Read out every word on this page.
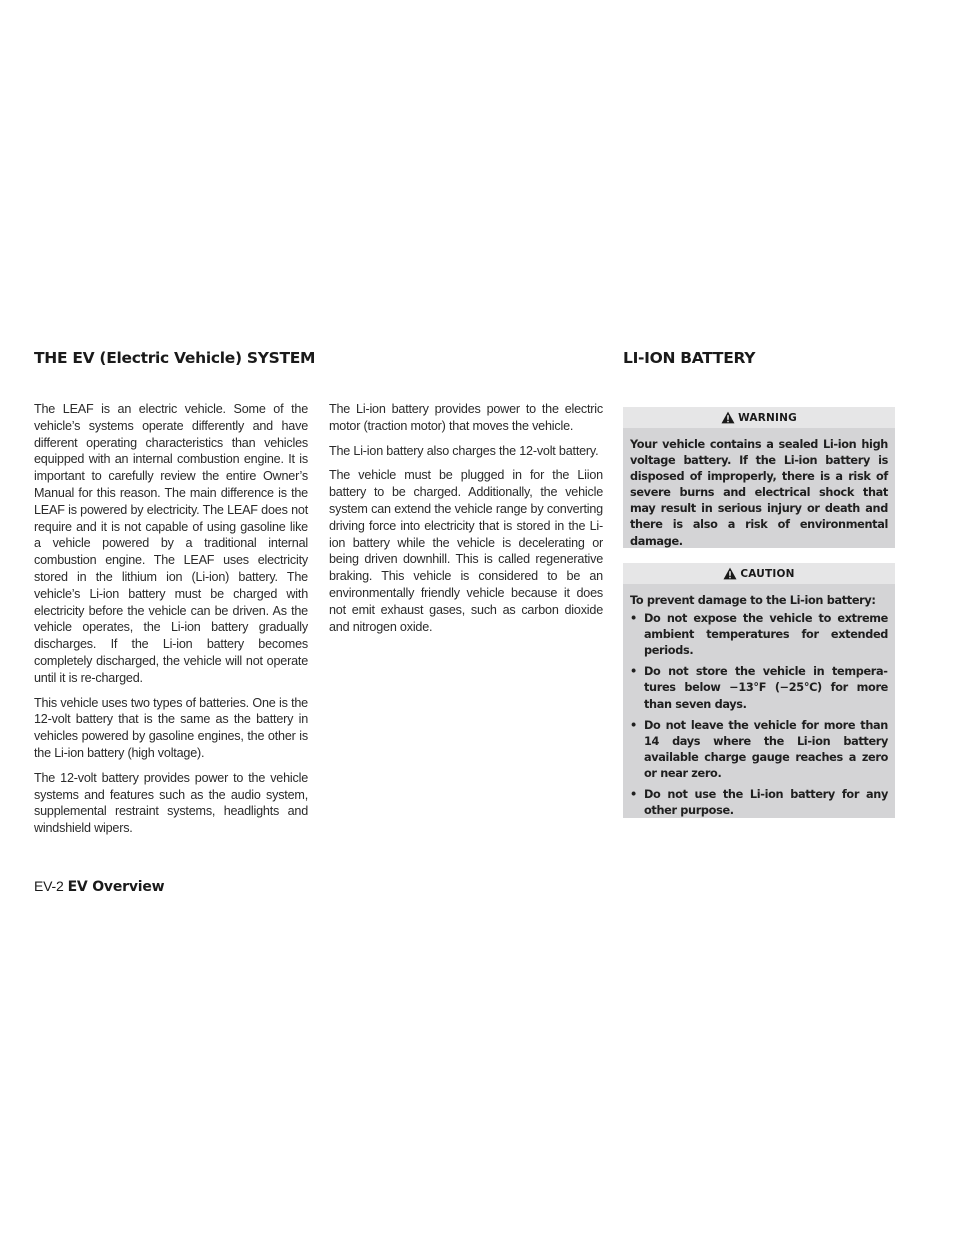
THE EV (Electric Vehicle) SYSTEM	LI-ION BATTERY

The LEAF is an electric vehicle. Some of the vehicle’s systems operate differently and have different operating characteristics than vehicles equipped with an internal combustion engine. It is important to carefully review the entire Owner’s Manual for this reason. The main difference is the LEAF is powered by electricity. The LEAF does not require and it is not capable of using gasoline like a vehicle powered by a traditional internal combustion engine. The LEAF uses electricity stored in the lithium ion (Li-ion) battery. The vehicle’s Li-ion battery must be charged with electricity before the vehicle can be driven. As the vehicle operates, the Li-ion battery gradually discharges. If the Li-ion battery becomes completely discharged, the vehicle will not operate until it is re-charged.

This vehicle uses two types of batteries. One is the 12-volt battery that is the same as the battery in vehicles powered by gasoline engines, the other is the Li-ion battery (high voltage).

The 12-volt battery provides power to the vehicle systems and features such as the audio system, supplemental restraint systems, headlights and windshield wipers.

The Li-ion battery provides power to the electric motor (traction motor) that moves the vehicle.

The Li-ion battery also charges the 12-volt battery.

The vehicle must be plugged in for the Liion battery to be charged. Additionally, the vehicle system can extend the vehicle range by converting driving force into electricity that is stored in the Li-ion battery while the vehicle is decelerating or being driven downhill. This is called regenerative braking. This vehicle is considered to be an environmentally friendly vehicle because it does not emit exhaust gases, such as carbon dioxide and nitrogen oxide.

WARNING

Your vehicle contains a sealed Li-ion high voltage battery. If the Li-ion battery is disposed of improperly, there is a risk of severe burns and electrical shock that may result in serious injury or death and there is also a risk of environmental damage.

CAUTION

To prevent damage to the Li-ion battery:

• Do not expose the vehicle to extreme ambient temperatures for extended periods.
• Do not store the vehicle in temperatures below −13°F (−25°C) for more than seven days.
• Do not leave the vehicle for more than 14 days where the Li-ion battery available charge gauge reaches a zero or near zero.
• Do not use the Li-ion battery for any other purpose.
EV-2 EV Overview
